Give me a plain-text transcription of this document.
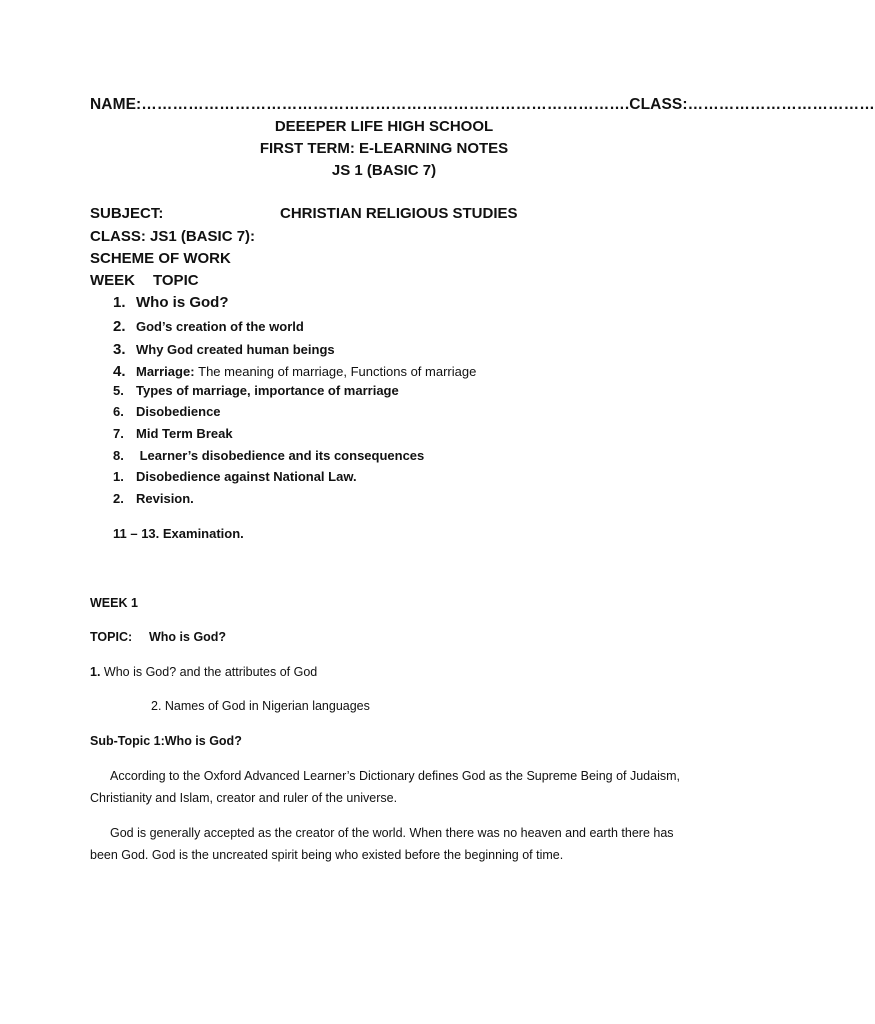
NAME:………………………………………………………………………………….CLASS:………………………………
DEEEPER LIFE HIGH SCHOOL
FIRST TERM: E-LEARNING NOTES
JS 1 (BASIC 7)
SUBJECT:	CHRISTIAN RELIGIOUS STUDIES
CLASS: JS1 (BASIC 7):
SCHEME OF WORK
WEEK TOPIC
1. Who is God?
2. God’s creation of the world
3. Why God created human beings
4. Marriage: The meaning of marriage, Functions of marriage
5. Types of marriage, importance of marriage
6. Disobedience
7. Mid Term Break
8. Learner’s disobedience and its consequences
1. Disobedience against National Law.
2. Revision.
11 – 13. Examination.
WEEK 1
TOPIC: Who is God?
1. Who is God? and the attributes of God
2. Names of God in Nigerian languages
Sub-Topic 1:Who is God?

According to the Oxford Advanced Learner’s Dictionary defines God as the Supreme Being of Judaism, Christianity and Islam, creator and ruler of the universe.

God is generally accepted as the creator of the world. When there was no heaven and earth there has been God. God is the uncreated spirit being who existed before the beginning of time.
